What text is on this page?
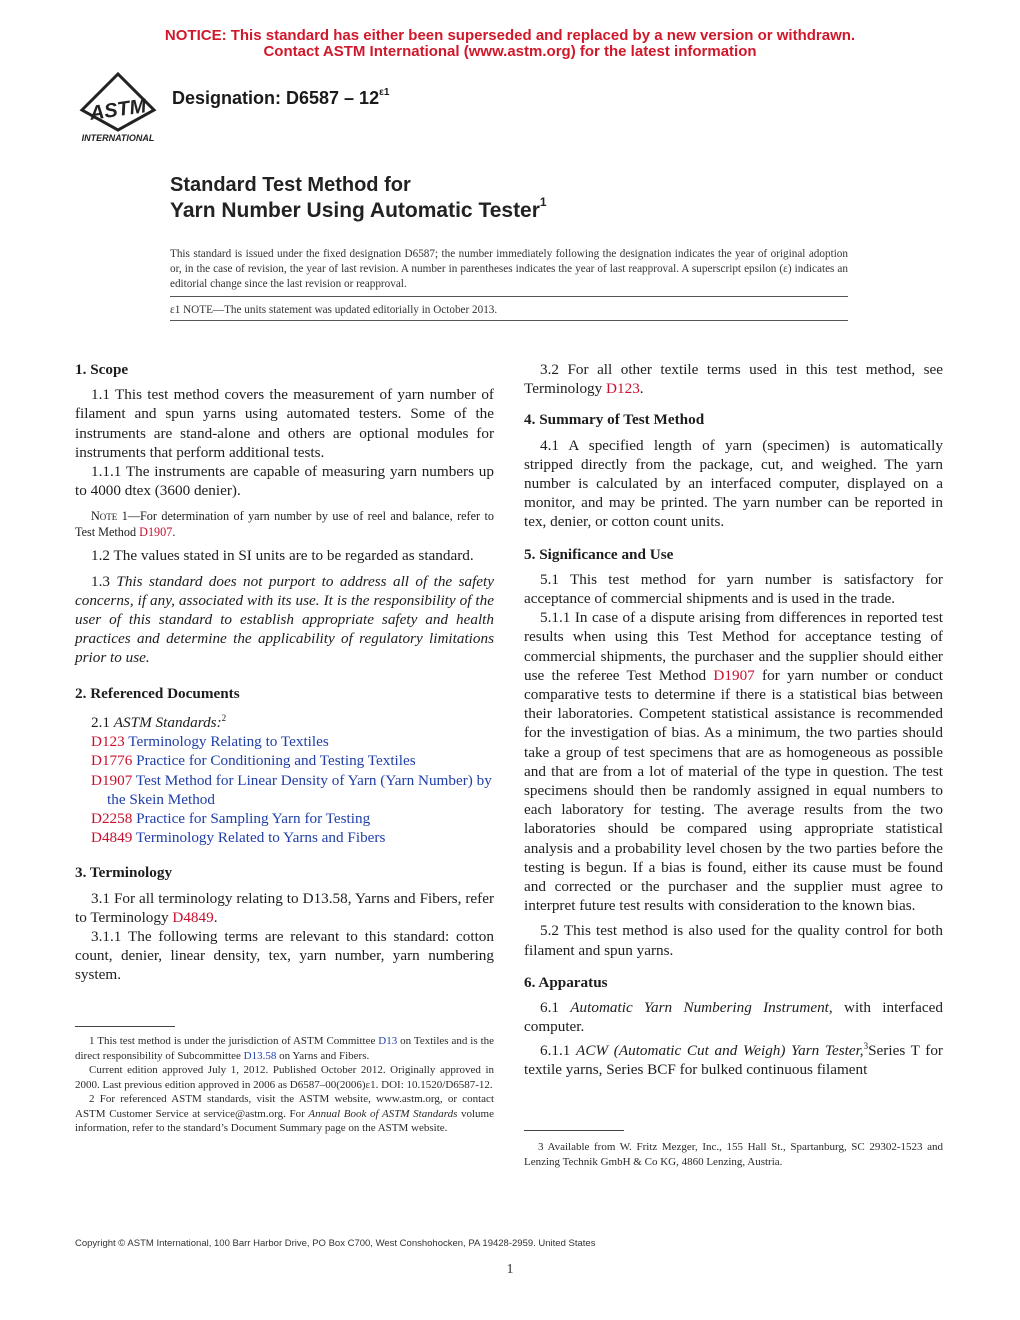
NOTICE: This standard has either been superseded and replaced by a new version or withdrawn.
Contact ASTM International (www.astm.org) for the latest information
ASTM
INTERNATIONAL
Designation: $D6587 - 12^{\varepsilon 1}$
Standard Test Method for
Yarn Number Using Automatic Tester$^1$
This standard is issued under the fixed designation D6587; the number immediately following the designation indicates the year of original adoption or, in the case of revision, the year of last revision. A number in parentheses indicates the year of last reapproval. A superscript epsilon (ε) indicates an editorial change since the last revision or reapproval.
ε1 NOTE—The units statement was updated editorially in October 2013.

1. Scope

1.1 This test method covers the measurement of yarn number of filament and spun yarns using automated testers. Some of the instruments are stand-alone and others are optional modules for instruments that perform additional tests.

1.1.1 The instruments are capable of measuring yarn numbers up to 4000 dtex (3600 denier).

Note 1—For determination of yarn number by use of reel and balance, refer to Test Method D1907.

1.2 The values stated in SI units are to be regarded as standard.

1.3 This standard does not purport to address all of the safety concerns, if any, associated with its use. It is the responsibility of the user of this standard to establish appropriate safety and health practices and determine the applicability of regulatory limitations prior to use.

2. Referenced Documents

2.1 ASTM Standards:$^2$

D123 Terminology Relating to Textiles
D1776 Practice for Conditioning and Testing Textiles
D1907 Test Method for Linear Density of Yarn (Yarn Number) by the Skein Method
D2258 Practice for Sampling Yarn for Testing
D4849 Terminology Related to Yarns and Fibers

3. Terminology

3.1 For all terminology relating to D13.58, Yarns and Fibers, refer to Terminology D4849.

3.1.1 The following terms are relevant to this standard: cotton count, denier, linear density, tex, yarn number, yarn numbering system.

1 This test method is under the jurisdiction of ASTM Committee D13 on Textiles and is the direct responsibility of Subcommittee D13.58 on Yarns and Fibers.

Current edition approved July 1, 2012. Published October 2012. Originally approved in 2000. Last previous edition approved in 2006 as D6587–00(2006)ε1. DOI: 10.1520/D6587-12.

2 For referenced ASTM standards, visit the ASTM website, www.astm.org, or contact ASTM Customer Service at service@astm.org. For Annual Book of ASTM Standards volume information, refer to the standard’s Document Summary page on the ASTM website.

3.2 For all other textile terms used in this test method, see Terminology D123.

4. Summary of Test Method

4.1 A specified length of yarn (specimen) is automatically stripped directly from the package, cut, and weighed. The yarn number is calculated by an interfaced computer, displayed on a monitor, and may be printed. The yarn number can be reported in tex, denier, or cotton count units.

5. Significance and Use

5.1 This test method for yarn number is satisfactory for acceptance of commercial shipments and is used in the trade.

5.1.1 In case of a dispute arising from differences in reported test results when using this Test Method for acceptance testing of commercial shipments, the purchaser and the supplier should either use the referee Test Method D1907 for yarn number or conduct comparative tests to determine if there is a statistical bias between their laboratories. Competent statistical assistance is recommended for the investigation of bias. As a minimum, the two parties should take a group of test specimens that are as homogeneous as possible and that are from a lot of material of the type in question. The test specimens should then be randomly assigned in equal numbers to each laboratory for testing. The average results from the two laboratories should be compared using appropriate statistical analysis and a probability level chosen by the two parties before the testing is begun. If a bias is found, either its cause must be found and corrected or the purchaser and the supplier must agree to interpret future test results with consideration to the known bias.

5.2 This test method is also used for the quality control for both filament and spun yarns.

6. Apparatus

6.1 Automatic Yarn Numbering Instrument, with interfaced computer.

6.1.1 ACW (Automatic Cut and Weigh) Yarn Tester,$^3$Series T for textile yarns, Series BCF for bulked continuous filament

3 Available from W. Fritz Mezger, Inc., 155 Hall St., Spartanburg, SC 29302-1523 and Lenzing Technik GmbH & Co KG, 4860 Lenzing, Austria.

Copyright © ASTM International, 100 Barr Harbor Drive, PO Box C700, West Conshohocken, PA 19428-2959. United States
1
